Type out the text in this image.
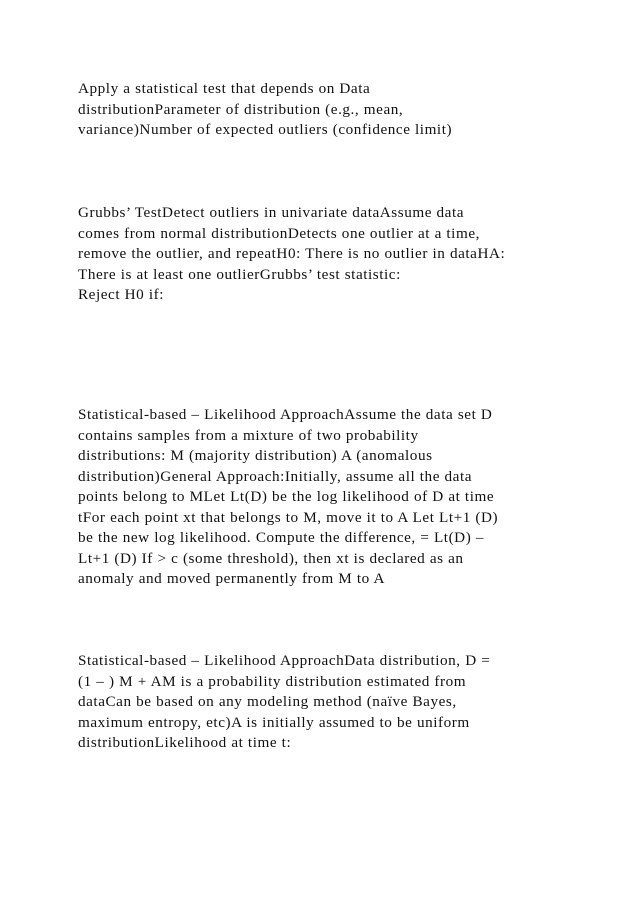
Apply a statistical test that depends on Data
distributionParameter of distribution (e.g., mean,
variance)Number of expected outliers (confidence limit)

Grubbs’ TestDetect outliers in univariate dataAssume data
comes from normal distributionDetects one outlier at a time,
remove the outlier, and repeatH0: There is no outlier in dataHA:
There is at least one outlierGrubbs’ test statistic:
Reject H0 if:

Statistical-based – Likelihood ApproachAssume the data set D
contains samples from a mixture of two probability
distributions: M (majority distribution) A (anomalous
distribution)General Approach:Initially, assume all the data
points belong to MLet Lt(D) be the log likelihood of D at time
tFor each point xt that belongs to M, move it to A Let Lt+1 (D)
be the new log likelihood. Compute the difference, = Lt(D) –
Lt+1 (D) If > c (some threshold), then xt is declared as an
anomaly and moved permanently from M to A

Statistical-based – Likelihood ApproachData distribution, D =
(1 – ) M + AM is a probability distribution estimated from
dataCan be based on any modeling method (naïve Bayes,
maximum entropy, etc)A is initially assumed to be uniform
distributionLikelihood at time t:
